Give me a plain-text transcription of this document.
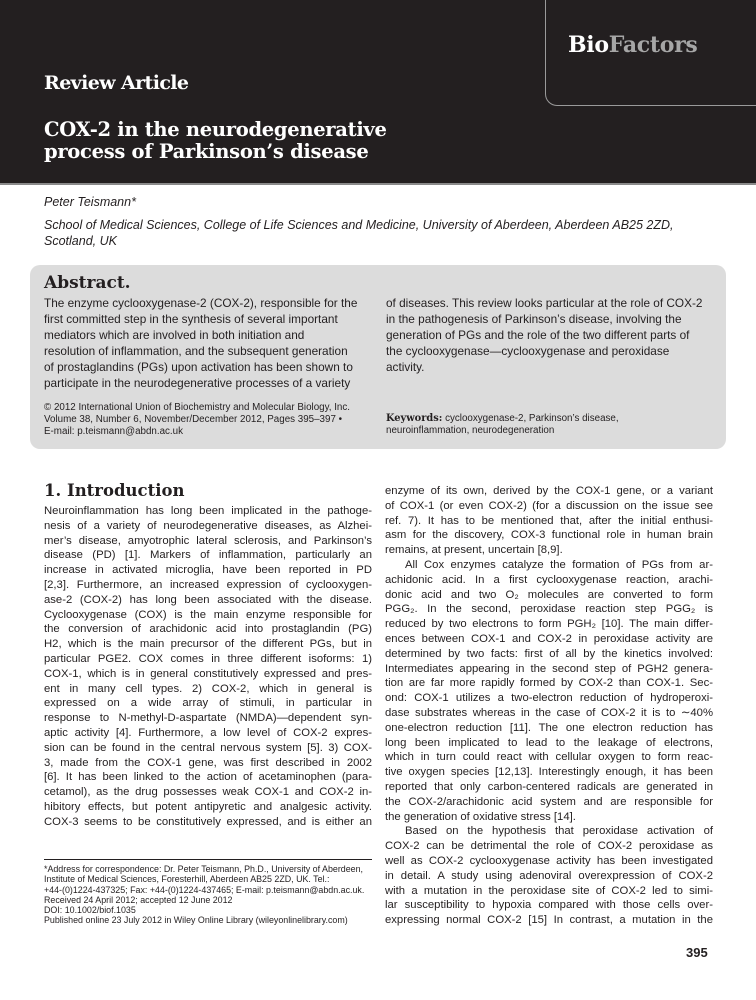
BioFactors
Review Article
COX-2 in the neurodegenerative
process of Parkinson’s disease
Peter Teismann*
School of Medical Sciences, College of Life Sciences and Medicine, University of Aberdeen, Aberdeen AB25 2ZD, Scotland, UK
Abstract.
The enzyme cyclooxygenase-2 (COX-2), responsible for the
first committed step in the synthesis of several important
mediators which are involved in both initiation and
resolution of inflammation, and the subsequent generation
of prostaglandins (PGs) upon activation has been shown to
participate in the neurodegenerative processes of a variety
of diseases. This review looks particular at the role of COX-2
in the pathogenesis of Parkinson’s disease, involving the
generation of PGs and the role of the two different parts of
the cyclooxygenase—cyclooxygenase and peroxidase
activity.
© 2012 International Union of Biochemistry and Molecular Biology, Inc.
Volume 38, Number 6, November/December 2012, Pages 395–397 •
E-mail: p.teismann@abdn.ac.uk
Keywords: cyclooxygenase-2, Parkinson’s disease,
neuroinflammation, neurodegeneration
1. Introduction
Neuroinflammation has long been implicated in the pathoge-
nesis of a variety of neurodegenerative diseases, as Alzhei-
mer’s disease, amyotrophic lateral sclerosis, and Parkinson’s
disease (PD) [1]. Markers of inflammation, particularly an
increase in activated microglia, have been reported in PD
[2,3]. Furthermore, an increased expression of cyclooxygen-
ase-2 (COX-2) has long been associated with the disease.
Cyclooxygenase (COX) is the main enzyme responsible for
the conversion of arachidonic acid into prostaglandin (PG)
H2, which is the main precursor of the different PGs, but in
particular PGE2. COX comes in three different isoforms: 1)
COX-1, which is in general constitutively expressed and pres-
ent in many cell types. 2) COX-2, which in general is
expressed on a wide array of stimuli, in particular in
response to N-methyl-D-aspartate (NMDA)—dependent syn-
aptic activity [4]. Furthermore, a low level of COX-2 expres-
sion can be found in the central nervous system [5]. 3) COX-
3, made from the COX-1 gene, was first described in 2002
[6]. It has been linked to the action of acetaminophen (para-
cetamol), as the drug possesses weak COX-1 and COX-2 in-
hibitory effects, but potent antipyretic and analgesic activity.
COX-3 seems to be constitutively expressed, and is either an
enzyme of its own, derived by the COX-1 gene, or a variant
of COX-1 (or even COX-2) (for a discussion on the issue see
ref. 7). It has to be mentioned that, after the initial enthusi-
asm for the discovery, COX-3 functional role in human brain
remains, at present, uncertain [8,9].
All Cox enzymes catalyze the formation of PGs from ar-
achidonic acid. In a first cyclooxygenase reaction, arachi-
donic acid and two O₂ molecules are converted to form
PGG₂. In the second, peroxidase reaction step PGG₂ is
reduced by two electrons to form PGH₂ [10]. The main differ-
ences between COX-1 and COX-2 in peroxidase activity are
determined by two facts: first of all by the kinetics involved:
Intermediates appearing in the second step of PGH2 genera-
tion are far more rapidly formed by COX-2 than COX-1. Sec-
ond: COX-1 utilizes a two-electron reduction of hydroperoxi-
dase substrates whereas in the case of COX-2 it is to ∼40%
one-electron reduction [11]. The one electron reduction has
long been implicated to lead to the leakage of electrons,
which in turn could react with cellular oxygen to form reac-
tive oxygen species [12,13]. Interestingly enough, it has been
reported that only carbon-centered radicals are generated in
the COX-2/arachidonic acid system and are responsible for
the generation of oxidative stress [14].
Based on the hypothesis that peroxidase activation of
COX-2 can be detrimental the role of COX-2 peroxidase as
well as COX-2 cyclooxygenase activity has been investigated
in detail. A study using adenoviral overexpression of COX-2
with a mutation in the peroxidase site of COX-2 led to simi-
lar susceptibility to hypoxia compared with those cells over-
expressing normal COX-2 [15] In contrast, a mutation in the
*Address for correspondence: Dr. Peter Teismann, Ph.D., University of Aberdeen,
Institute of Medical Sciences, Foresterhill, Aberdeen AB25 2ZD, UK. Tel.:
+44-(0)1224-437325; Fax: +44-(0)1224-437465; E-mail: p.teismann@abdn.ac.uk.
Received 24 April 2012; accepted 12 June 2012
DOI: 10.1002/biof.1035
Published online 23 July 2012 in Wiley Online Library (wileyonlinelibrary.com)
395
